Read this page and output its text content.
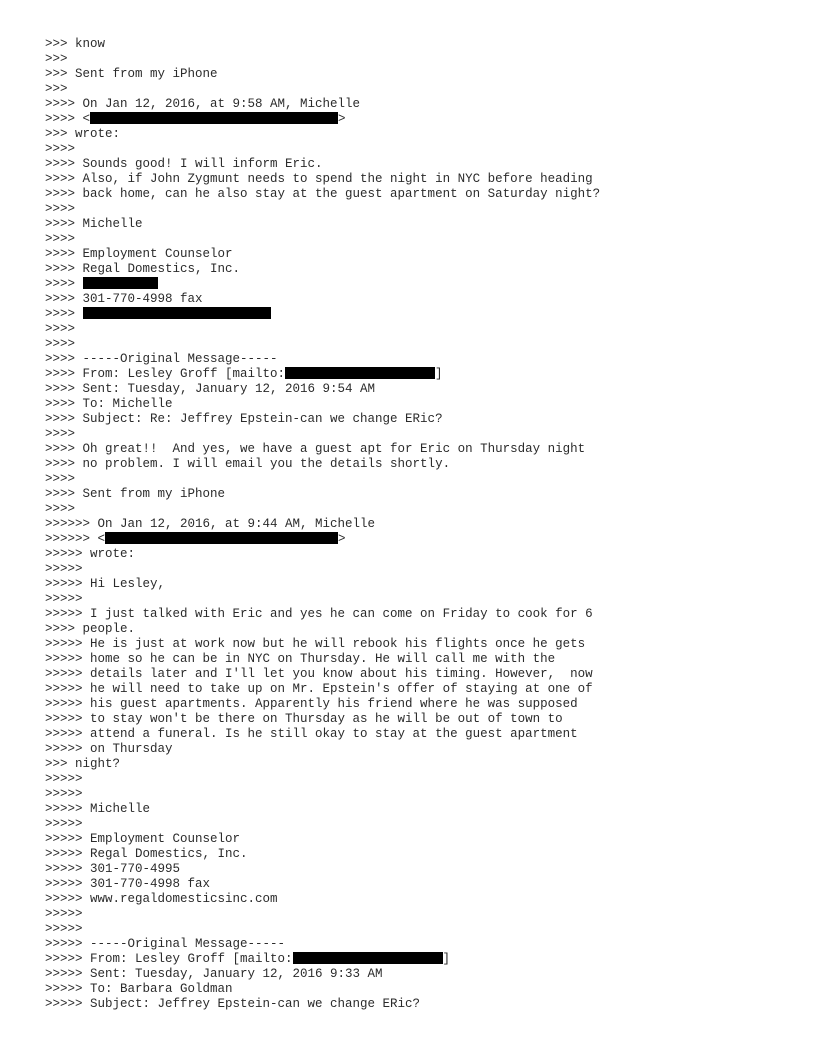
>>> know
>>>
>>> Sent from my iPhone
>>>
>>>> On Jan 12, 2016, at 9:58 AM, Michelle
>>>> <	>
>>> wrote:
>>>>
>>>> Sounds good! I will inform Eric.
>>>> Also, if John Zygmunt needs to spend the night in NYC before heading
>>>> back home, can he also stay at the guest apartment on Saturday night?
>>>>
>>>> Michelle
>>>>
>>>> Employment Counselor
>>>> Regal Domestics, Inc.
>>>>
>>>> 301-770-4998 fax
>>>>
>>>>
>>>>
>>>> -----Original Message-----
>>>> From: Lesley Groff [mailto:	]
>>>> Sent: Tuesday, January 12, 2016 9:54 AM
>>>> To: Michelle
>>>> Subject: Re: Jeffrey Epstein-can we change ERic?
>>>>
>>>> Oh great!!  And yes, we have a guest apt for Eric on Thursday night
>>>> no problem. I will email you the details shortly.
>>>>
>>>> Sent from my iPhone
>>>>
>>>>>> On Jan 12, 2016, at 9:44 AM, Michelle
>>>>>> <	>
>>>>> wrote:
>>>>>
>>>>> Hi Lesley,
>>>>>
>>>>> I just talked with Eric and yes he can come on Friday to cook for 6
>>>> people.
>>>>> He is just at work now but he will rebook his flights once he gets
>>>>> home so he can be in NYC on Thursday. He will call me with the
>>>>> details later and I'll let you know about his timing. However,  now
>>>>> he will need to take up on Mr. Epstein's offer of staying at one of
>>>>> his guest apartments. Apparently his friend where he was supposed
>>>>> to stay won't be there on Thursday as he will be out of town to
>>>>> attend a funeral. Is he still okay to stay at the guest apartment
>>>>> on Thursday
>>> night?
>>>>>
>>>>>
>>>>> Michelle
>>>>>
>>>>> Employment Counselor
>>>>> Regal Domestics, Inc.
>>>>> 301-770-4995
>>>>> 301-770-4998 fax
>>>>> www.regaldomesticsinc.com
>>>>>
>>>>>
>>>>> -----Original Message-----
>>>>> From: Lesley Groff [mailto:	]
>>>>> Sent: Tuesday, January 12, 2016 9:33 AM
>>>>> To: Barbara Goldman
>>>>> Subject: Jeffrey Epstein-can we change ERic?
